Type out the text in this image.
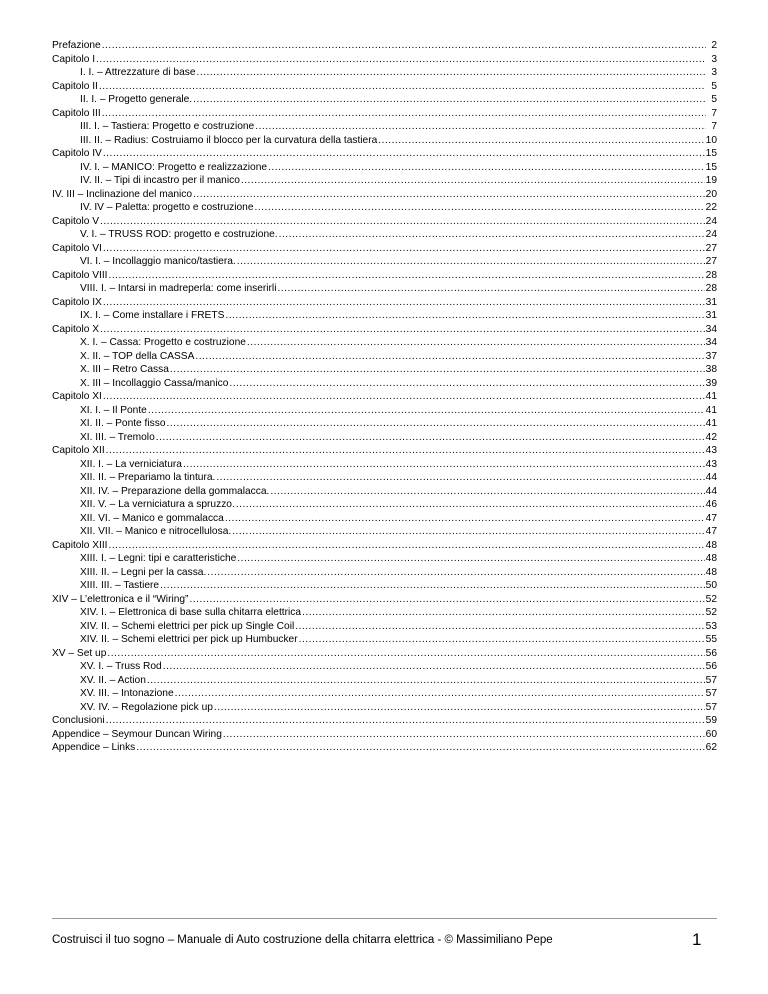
Prefazione .....	2
Capitolo I .....	3
I. I. – Attrezzature di base .....	3
Capitolo II .....	5
II. I. – Progetto generale. .....	5
Capitolo III .....	7
III. I. – Tastiera: Progetto e costruzione .....	7
III. II. – Radius: Costruiamo il blocco per la curvatura della tastiera .....	10
Capitolo IV .....	15
IV. I. – MANICO: Progetto e realizzazione .....	15
IV. II. – Tipi di incastro per il manico .....	19
IV. III – Inclinazione del manico .....	20
IV. IV – Paletta: progetto e costruzione .....	22
Capitolo V .....	24
V. I. – TRUSS ROD: progetto e costruzione. .....	24
Capitolo VI .....	27
VI. I. – Incollaggio manico/tastiera. .....	27
Capitolo VIII .....	28
VIII. I. – Intarsi in madreperla: come inserirli .....	28
Capitolo IX .....	31
IX. I. – Come installare i FRETS .....	31
Capitolo X .....	34
X. I. – Cassa: Progetto e costruzione .....	34
X. II. – TOP della CASSA .....	37
X. III – Retro Cassa .....	38
X. III – Incollaggio Cassa/manico .....	39
Capitolo XI .....	41
XI. I. – Il Ponte .....	41
XI. II. – Ponte fisso .....	41
XI. III. – Tremolo .....	42
Capitolo XII .....	43
XII. I. – La verniciatura .....	43
XII. II. – Prepariamo la tintura. .....	44
XII. IV. – Preparazione della gommalacca. .....	44
XII. V. – La verniciatura a spruzzo. .....	46
XII. VI. – Manico e gommalacca .....	47
XII. VII. – Manico e nitrocellulosa. .....	47
Capitolo XIII .....	48
XIII. I. – Legni: tipi e caratteristiche .....	48
XIII. II. – Legni per la cassa. .....	48
XIII. III. – Tastiere .....	50
XIV – L’elettronica e il “Wiring” .....	52
XIV. I. – Elettronica di base sulla chitarra elettrica .....	52
XIV. II. – Schemi elettrici per pick up Single Coil .....	53
XIV. II. – Schemi elettrici per pick up Humbucker .....	55
XV – Set up .....	56
XV. I. – Truss Rod .....	56
XV. II. – Action .....	57
XV. III. – Intonazione .....	57
XV. IV. – Regolazione pick up .....	57
Conclusioni .....	59
Appendice – Seymour Duncan Wiring .....	60
Appendice – Links .....	62
Costruisci il tuo sogno – Manuale di Auto costruzione della chitarra elettrica - © Massimiliano Pepe	1
